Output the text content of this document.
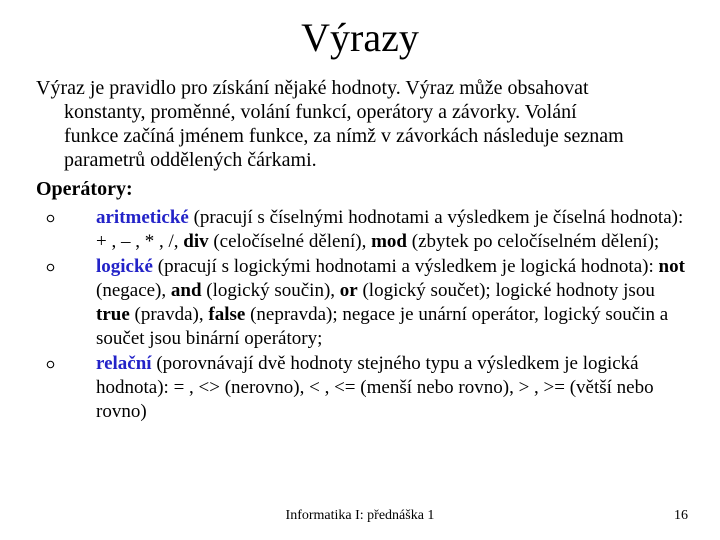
Výrazy
Výraz je pravidlo pro získání nějaké hodnoty. Výraz může obsahovat
konstanty, proměnné, volání funkcí, operátory a závorky. Volání
funkce začíná jménem funkce, za nímž v závorkách následuje seznam
parametrů oddělených čárkami.
Operátory:
aritmetické (pracují s číselnými hodnotami a výsledkem je číselná hodnota): + , – , * , /, div (celočíselné dělení), mod (zbytek po celočíselném dělení);
logické (pracují s logickými hodnotami a výsledkem je logická hodnota): not (negace), and (logický součin), or (logický součet); logické hodnoty jsou true (pravda), false (nepravda); negace je unární operátor, logický součin a součet jsou binární operátory;
relační (porovnávají dvě hodnoty stejného typu a výsledkem je logická hodnota): = , <> (nerovno), < , <= (menší nebo rovno), > , >= (větší nebo rovno)
Informatika I: přednáška 1	16
